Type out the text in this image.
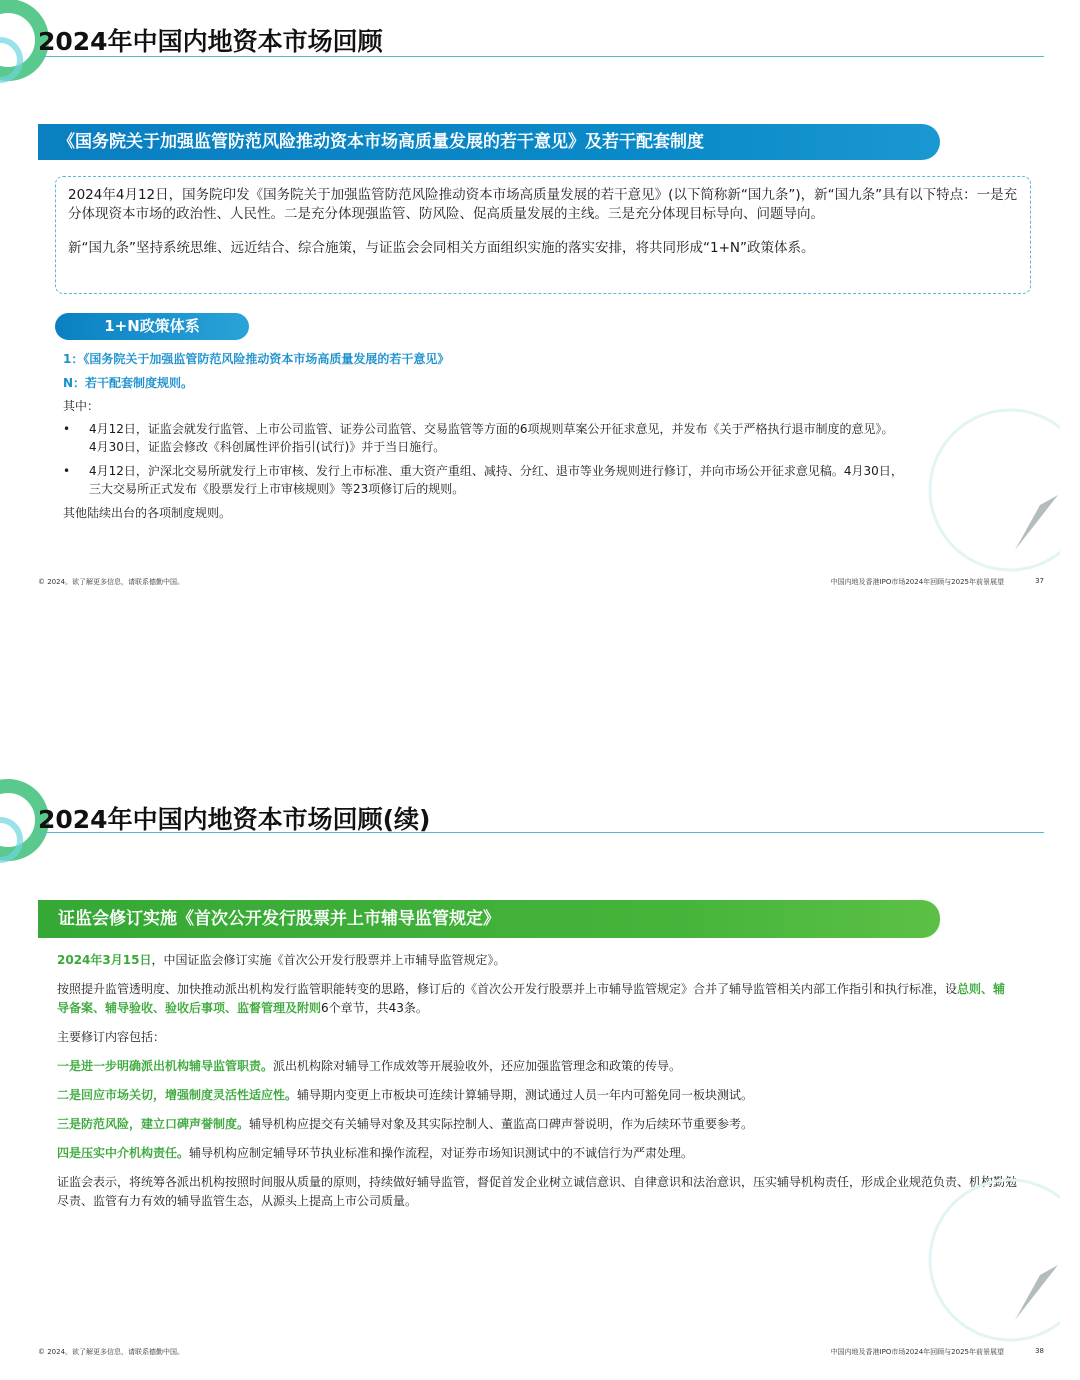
2024年中国内地资本市场回顾
《国务院关于加强监管防范风险推动资本市场高质量发展的若干意见》及若干配套制度

2024年4月12日，国务院印发《国务院关于加强监管防范风险推动资本市场高质量发展的若干意见》(以下简称新“国九条”)，新“国九条”具有以下特点：一是充分体现资本市场的政治性、人民性。二是充分体现强监管、防风险、促高质量发展的主线。三是充分体现目标导向、问题导向。

新“国九条”坚持系统思维、远近结合、综合施策，与证监会会同相关方面组织实施的落实安排，将共同形成“1+N”政策体系。

1+N政策体系

1：《国务院关于加强监管防范风险推动资本市场高质量发展的若干意见》

N：若干配套制度规则。

其中：

• 4月12日，证监会就发行监管、上市公司监管、证券公司监管、交易监管等方面的6项规则草案公开征求意见，并发布《关于严格执行退市制度的意见》。
4月30日，证监会修改《科创属性评价指引(试行)》并于当日施行。
• 4月12日，沪深北交易所就发行上市审核、发行上市标准、重大资产重组、减持、分红、退市等业务规则进行修订，并向市场公开征求意见稿。4月30日，
三大交易所正式发布《股票发行上市审核规则》等23项修订后的规则。

其他陆续出台的各项制度规则。

© 2024。欲了解更多信息，请联系德勤中国。	中国内地及香港IPO市场2024年回顾与2025年前景展望	37
2024年中国内地资本市场回顾(续)
证监会修订实施《首次公开发行股票并上市辅导监管规定》

2024年3月15日，中国证监会修订实施《首次公开发行股票并上市辅导监管规定》。

按照提升监管透明度、加快推动派出机构发行监管职能转变的思路，修订后的《首次公开发行股票并上市辅导监管规定》合并了辅导监管相关内部工作指引和执行标准，设总则、辅导备案、辅导验收、验收后事项、监督管理及附则6个章节，共43条。

主要修订内容包括：

一是进一步明确派出机构辅导监管职责。派出机构除对辅导工作成效等开展验收外，还应加强监管理念和政策的传导。

二是回应市场关切，增强制度灵活性适应性。辅导期内变更上市板块可连续计算辅导期，测试通过人员一年内可豁免同一板块测试。

三是防范风险，建立口碑声誉制度。辅导机构应提交有关辅导对象及其实际控制人、董监高口碑声誉说明，作为后续环节重要参考。

四是压实中介机构责任。辅导机构应制定辅导环节执业标准和操作流程，对证券市场知识测试中的不诚信行为严肃处理。

证监会表示，将统筹各派出机构按照时间服从质量的原则，持续做好辅导监管，督促首发企业树立诚信意识、自律意识和法治意识，压实辅导机构责任，形成企业规范负责、机构勤勉尽责、监管有力有效的辅导监管生态，从源头上提高上市公司质量。

© 2024。欲了解更多信息，请联系德勤中国。	中国内地及香港IPO市场2024年回顾与2025年前景展望	38
